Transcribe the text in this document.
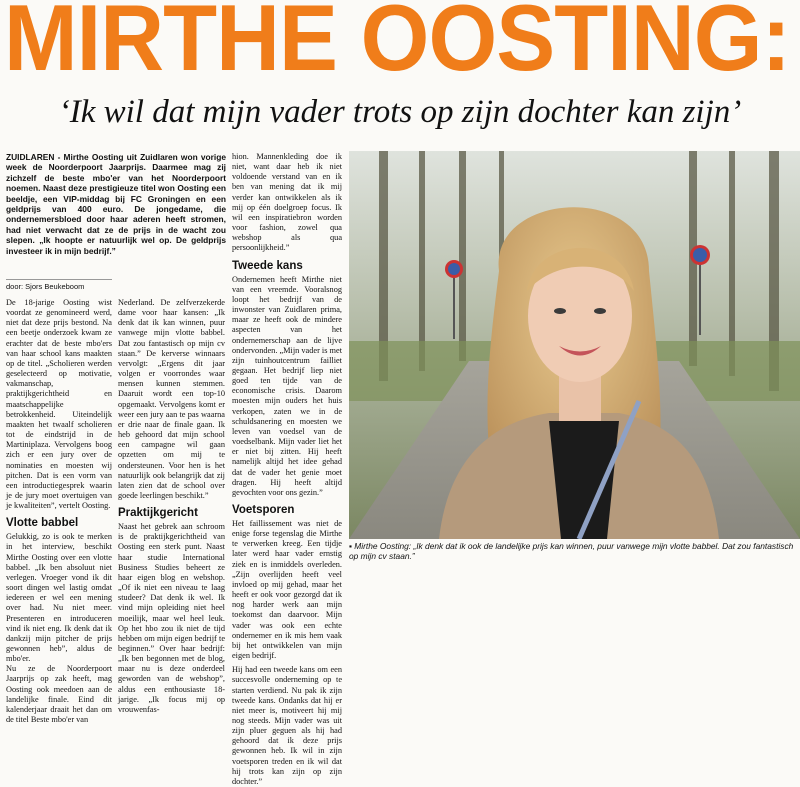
MIRTHE OOSTING:
‘Ik wil dat mijn vader trots op zijn dochter kan zijn’

ZUIDLAREN - Mirthe Oosting uit Zuidlaren won vorige week de Noorderpoort Jaarprijs. Daarmee mag zij zichzelf de beste mbo'er van het Noorderpoort noemen. Naast deze prestigieuze titel won Oosting een beeldje, een VIP-middag bij FC Groningen en een geldprijs van 400 euro. De jongedame, die ondernemersbloed door haar aderen heeft stromen, had niet verwacht dat ze de prijs in de wacht zou slepen. „Ik hoopte er natuurlijk wel op. De geldprijs investeer ik in mijn bedrijf.”

De 18-jarige Oosting wist voordat ze genomineerd werd, niet dat deze prijs bestond. Na een beetje onderzoek kwam ze erachter dat de beste mbo'ers van haar school kans maakten op de titel. „Scholieren werden geselecteerd op motivatie, vakmanschap, praktijkgerichtheid en maatschappelijke betrokkenheid. Uiteindelijk maakten het twaalf scholieren tot de eindstrijd in de Martiniplaza. Vervolgens boog zich er een jury over de nominaties en moesten wij pitchen. Dat is een vorm van een introductiegesprek waarin je de jury moet overtuigen van je kwaliteiten”, vertelt Oosting.

Vlotte babbel

Gelukkig, zo is ook te merken in het interview, beschikt Mirthe Oosting over een vlotte babbel. „Ik ben absoluut niet verlegen. Vroeger vond ik dit soort dingen wel lastig omdat iedereen er wel een mening over had. Nu niet meer. Presenteren en introduceren vind ik niet eng. Ik denk dat ik dankzij mijn pitcher de prijs gewonnen heb”, aldus de mbo'er.

Nu ze de Noorderpoort Jaarprijs op zak heeft, mag Oosting ook meedoen aan de landelijke finale. Eind dit kalenderjaar draait het dan om de titel Beste mbo'er van

door: Sjors Beukeboom

Nederland. De zelfverzekerde dame voor haar kansen: „Ik denk dat ik kan winnen, puur vanwege mijn vlotte babbel. Dat zou fantastisch op mijn cv staan.” De kerverse winnaars vervolgt: „Ergens dit jaar volgen er voorrondes waar mensen kunnen stemmen. Daaruit wordt een top-10 opgemaakt. Vervolgens komt er weer een jury aan te pas waarna er drie naar de finale gaan. Ik heb gehoord dat mijn school een campagne wil gaan opzetten om mij te ondersteunen. Voor hen is het natuurlijk ook belangrijk dat zij laten zien dat de school over goede leerlingen beschikt.”

Praktijkgericht

Naast het gebrek aan schroom is de praktijkgerichtheid van Oosting een sterk punt. Naast haar studie International Business Studies beheert ze haar eigen blog en webshop. „Of ik niet een niveau te laag studeer? Dat denk ik wel. Ik vind mijn opleiding niet heel moeilijk, maar wel heel leuk. Op het hbo zou ik niet de tijd hebben om mijn eigen bedrijf te beginnen.” Over haar bedrijf: „Ik ben begonnen met de blog, maar nu is deze onderdeel geworden van de webshop”, aldus een enthousiaste 18-jarige. „Ik focus mij op vrouwenfas-

hion. Mannenkleding doe ik niet, want daar heb ik niet voldoende verstand van en ik ben van mening dat ik mij verder kan ontwikkelen als ik mij op één doelgroep focus. Ik wil een inspiratiebron worden voor fashion, zowel qua webshop als qua persoonlijkheid.”

Tweede kans

Ondernemen heeft Mirthe niet van een vreemde. Vooralsnog loopt het bedrijf van de inwonster van Zuidlaren prima, maar ze heeft ook de mindere aspecten van het ondernemerschap aan de lijve ondervonden. „Mijn vader is met zijn tuinhoutcentrum failliet gegaan. Het bedrijf liep niet goed ten tijde van de economische crisis. Daarom moesten mijn ouders het huis verkopen, zaten we in de schuldsanering en moesten we leven van voedsel van de voedselbank. Mijn vader liet het er niet bij zitten. Hij heeft namelijk altijd het idee gehad dat de vader het genie moet dragen. Hij heeft altijd gevochten voor ons gezin.”

Voetsporen

Het faillissement was niet de enige forse tegenslag die Mirthe te verwerken kreeg. Een tijdje later werd haar vader ernstig ziek en is inmiddels overleden. „Zijn overlijden heeft veel invloed op mij gehad, maar het heeft er ook voor gezorgd dat ik nog harder werk aan mijn toekomst dan daarvoor. Mijn vader was ook een echte ondernemer en ik mis hem vaak bij het ontwikkelen van mijn eigen bedrijf.

Hij had een tweede kans om een succesvolle onderneming op te starten verdiend. Nu pak ik zijn tweede kans. Ondanks dat hij er niet meer is, motiveert hij mij nog steeds. Mijn vader was uit zijn pluer geguen als hij had gehoord dat ik deze prijs gewonnen heb. Ik wil in zijn voetsporen treden en ik wil dat hij trots kan zijn op zijn dochter.”

▪ Mirthe Oosting: „Ik denk dat ik ook de landelijke prijs kan winnen, puur vanwege mijn vlotte babbel. Dat zou fantastisch op mijn cv staan.”
